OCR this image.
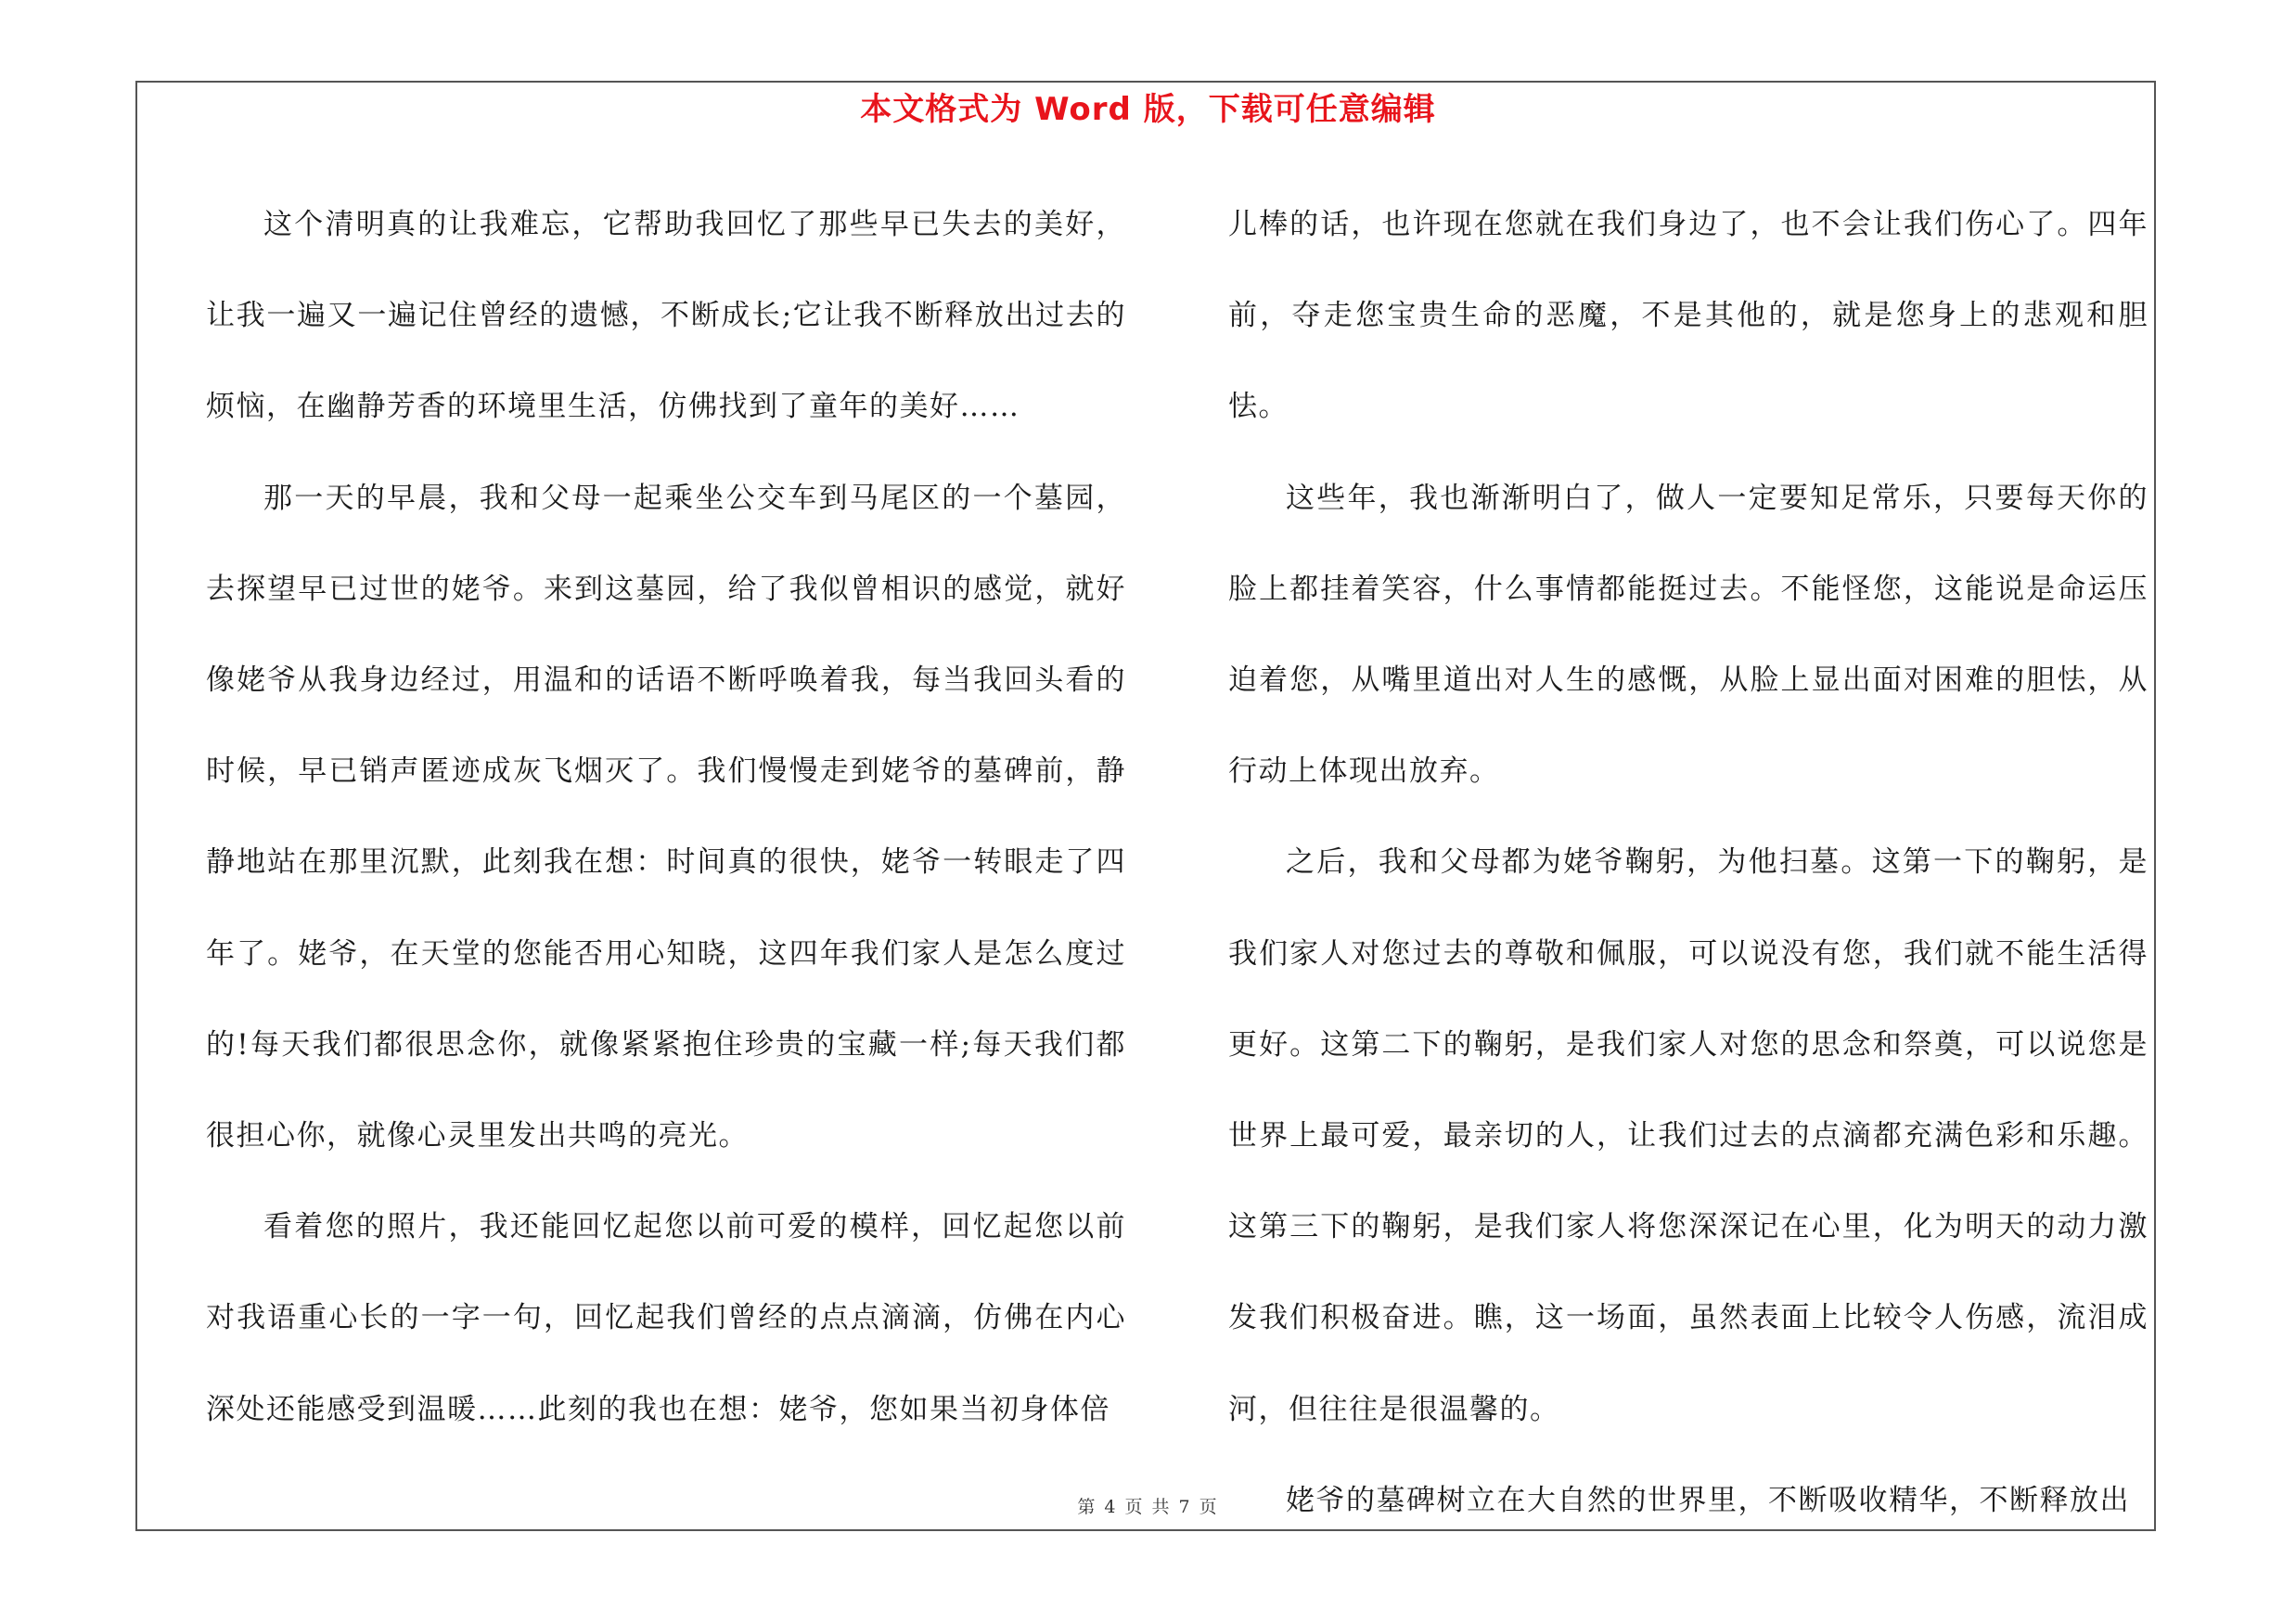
本文格式为 Word 版，下载可任意编辑

这个清明真的让我难忘，它帮助我回忆了那些早已失去的美好，让我一遍又一遍记住曾经的遗憾，不断成长;它让我不断释放出过去的烦恼，在幽静芳香的环境里生活，仿佛找到了童年的美好……

那一天的早晨，我和父母一起乘坐公交车到马尾区的一个墓园，去探望早已过世的姥爷。来到这墓园，给了我似曾相识的感觉，就好像姥爷从我身边经过，用温和的话语不断呼唤着我，每当我回头看的时候，早已销声匿迹成灰飞烟灭了。我们慢慢走到姥爷的墓碑前，静静地站在那里沉默，此刻我在想：时间真的很快，姥爷一转眼走了四年了。姥爷，在天堂的您能否用心知晓，这四年我们家人是怎么度过的!每天我们都很思念你，就像紧紧抱住珍贵的宝藏一样;每天我们都很担心你，就像心灵里发出共鸣的亮光。

看着您的照片，我还能回忆起您以前可爱的模样，回忆起您以前对我语重心长的一字一句，回忆起我们曾经的点点滴滴，仿佛在内心深处还能感受到温暖……此刻的我也在想：姥爷，您如果当初身体倍

儿棒的话，也许现在您就在我们身边了，也不会让我们伤心了。四年前，夺走您宝贵生命的恶魔，不是其他的，就是您身上的悲观和胆怯。

这些年，我也渐渐明白了，做人一定要知足常乐，只要每天你的脸上都挂着笑容，什么事情都能挺过去。不能怪您，这能说是命运压迫着您，从嘴里道出对人生的感慨，从脸上显出面对困难的胆怯，从行动上体现出放弃。

之后，我和父母都为姥爷鞠躬，为他扫墓。这第一下的鞠躬，是我们家人对您过去的尊敬和佩服，可以说没有您，我们就不能生活得更好。这第二下的鞠躬，是我们家人对您的思念和祭奠，可以说您是世界上最可爱，最亲切的人，让我们过去的点滴都充满色彩和乐趣。这第三下的鞠躬，是我们家人将您深深记在心里，化为明天的动力激发我们积极奋进。瞧，这一场面，虽然表面上比较令人伤感，流泪成河，但往往是很温馨的。

姥爷的墓碑树立在大自然的世界里，不断吸收精华，不断释放出

第 4 页 共 7 页
